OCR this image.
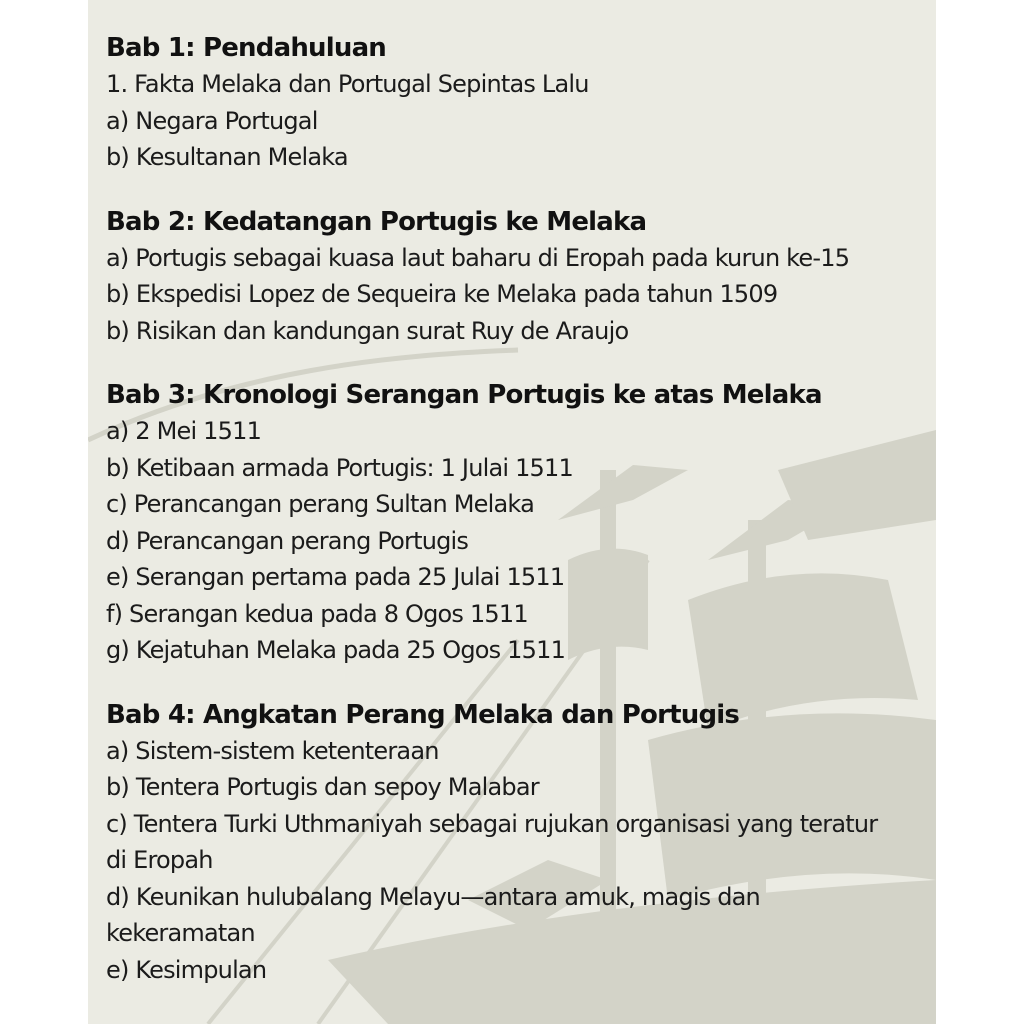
Bab 1: Pendahuluan
1. Fakta Melaka dan Portugal Sepintas Lalu
a) Negara Portugal
b) Kesultanan Melaka
Bab 2: Kedatangan Portugis ke Melaka
a) Portugis sebagai kuasa laut baharu di Eropah pada kurun ke-15
b) Ekspedisi Lopez de Sequeira ke Melaka pada tahun 1509
b) Risikan dan kandungan surat Ruy de Araujo
Bab 3: Kronologi Serangan Portugis ke atas Melaka
a) 2 Mei 1511
b) Ketibaan armada Portugis: 1 Julai 1511
c) Perancangan perang Sultan Melaka
d) Perancangan perang Portugis
e) Serangan pertama pada 25 Julai 1511
f) Serangan kedua pada 8 Ogos 1511
g) Kejatuhan Melaka pada 25 Ogos 1511
Bab 4: Angkatan Perang Melaka dan Portugis
a) Sistem-sistem ketenteraan
b) Tentera Portugis dan sepoy Malabar
c) Tentera Turki Uthmaniyah sebagai rujukan organisasi yang teratur di Eropah
d) Keunikan hulubalang Melayu—antara amuk, magis dan kekeramatan
e) Kesimpulan
